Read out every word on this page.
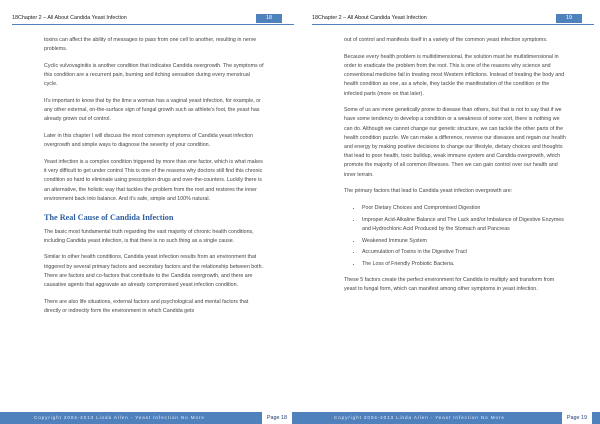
18Chapter 2 – All About Candida Yeast Infection	18

toxins can affect the ability of messages to pass from one cell to another, resulting in nerve problems.

Cyclic vulvovaginitis is another condition that indicates Candida overgrowth. The symptoms of this condition are a recurrent pain, burning and itching sensation during every menstrual cycle.

It’s important to know that by the time a woman has a vaginal yeast infection, for example, or any other external, on-the-surface sign of fungal growth such as athlete’s foot, the yeast has already grown out of control.

Later in this chapter I will discuss the most common symptoms of Candida yeast infection overgrowth and simple ways to diagnose the severity of your condition.

Yeast infection is a complex condition triggered by more than one factor, which is what makes it very difficult to get under control This is one of the reasons why doctors still find this chronic condition so hard to eliminate using prescription drugs and over-the-counters. Luckily there is an alternative, the holistic way that tackles the problem from the root and restores the inner environment back into balance. And it’s safe, simple and 100% natural.

The Real Cause of Candida Infection

The basic most fundamental truth regarding the vast majority of chronic health conditions, including Candida yeast infection, is that there is no such thing as a single cause.

Similar to other health conditions, Candida yeast infection results from an environment that triggered by several primary factors and secondary factors and the relationship between both. There are factors and co-factors that contribute to the Candida overgrowth, and there are causative agents that aggravate an already compromised yeast infection condition.

There are also life situations, external factors and psychological and mental factors that directly or indirectly form the environment in which Candida gets

Copyright 2004-2013 Linda Allen - Yeast Infection No More	Page 18
18Chapter 2 – All About Candida Yeast Infection	19

out of control and manifests itself in a variety of the common yeast infection symptoms.

Because every health problem is multidimensional, the solution must be multidimensional in order to eradicate the problem from the root. This is one of the reasons why science and conventional medicine fail in treating most Western inflictions. Instead of treating the body and health condition as one, as a whole, they tackle the manifestation of the condition or the infected parts (more on that later).

Some of us are more genetically prone to disease than others, but that is not to say that if we have some tendency to develop a condition or a weakness of some sort, there is nothing we can do. Although we cannot change our genetic structure, we can tackle the other parts of the health condition puzzle. We can make a difference, reverse our diseases and regain our health and energy by making positive decisions to change our lifestyle, dietary choices and thoughts that lead to poor health, toxic buildup, weak immune system and Candida overgrowth, which promote the majority of all common illnesses. Then we can gain control over our health and inner terrain.

The primary factors that lead to Candida yeast infection overgrowth are:

• Poor Dietary Choices and Compromised Digestion
• Improper Acid-Alkaline Balance and The Lack and/or Imbalance of Digestive Enzymes and Hydrochloric Acid Produced by the Stomach and Pancreas
• Weakened Immune System
• Accumulation of Toxins in the Digestive Tract
• The Loss of Friendly Probiotic Bacteria.

These 5 factors create the perfect environment for Candida to multiply and transform from yeast to fungal form, which can manifest among other symptoms in yeast infection.

Copyright 2004-2013 Linda Allen - Yeast Infection No More	Page 19
